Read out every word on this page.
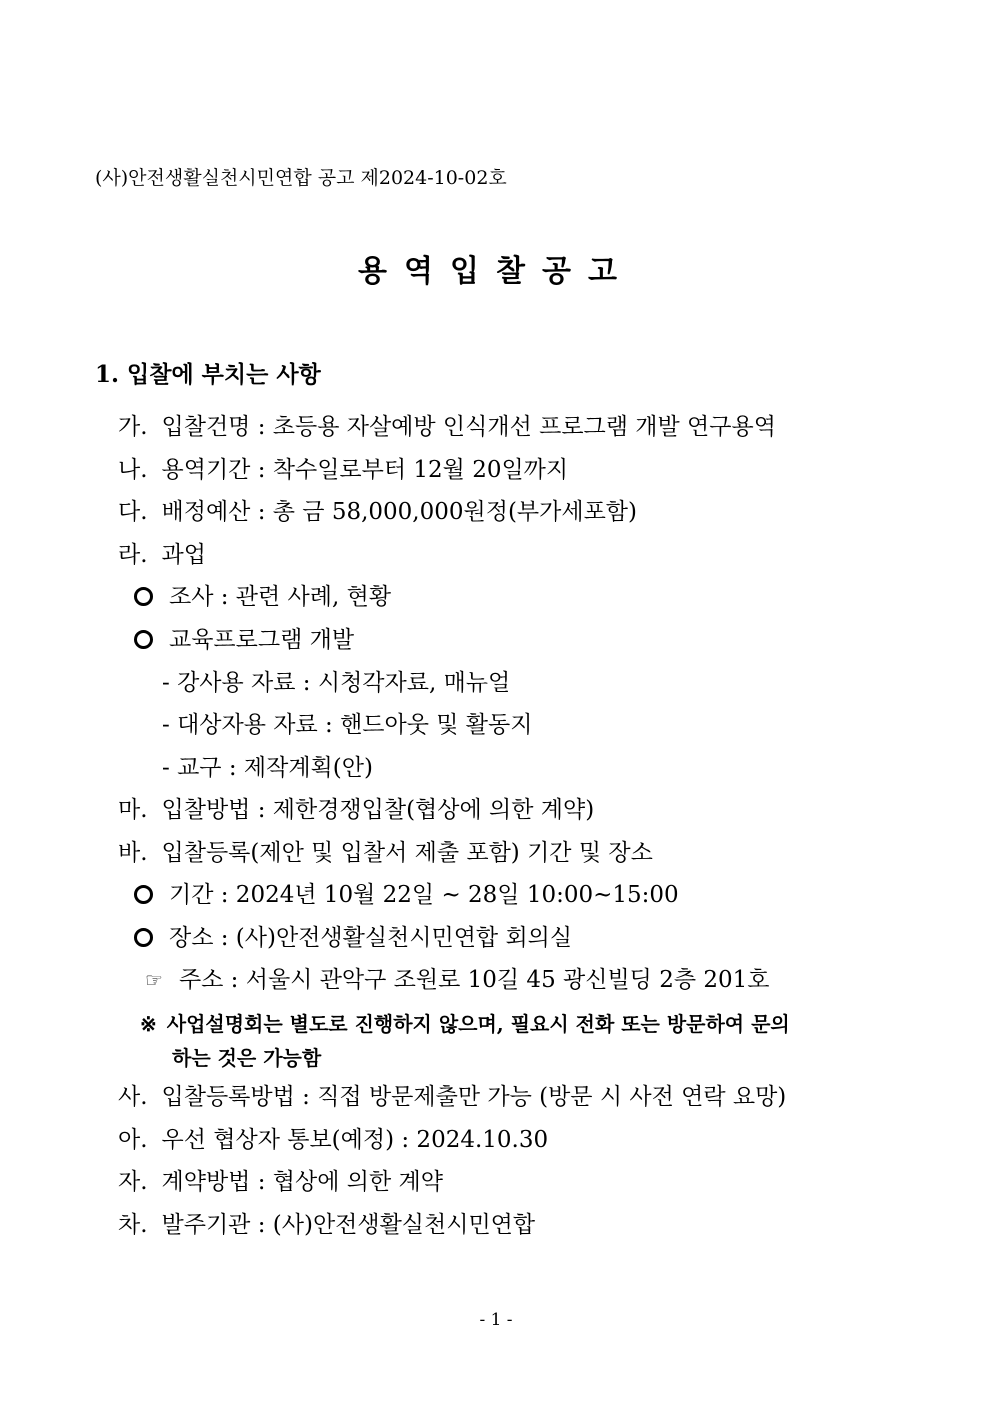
(사)안전생활실천시민연합 공고 제2024-10-02호
용역입찰공고
1. 입찰에 부치는 사항
가. 입찰건명 : 초등용 자살예방 인식개선 프로그램 개발 연구용역
나. 용역기간 : 착수일로부터 12월 20일까지
다. 배정예산 : 총 금 58,000,000원정(부가세포함)
라. 과업
조사 : 관련 사례, 현황
교육프로그램 개발
- 강사용 자료 : 시청각자료, 매뉴얼
- 대상자용 자료 : 핸드아웃 및 활동지
- 교구 : 제작계획(안)
마. 입찰방법 : 제한경쟁입찰(협상에 의한 계약)
바. 입찰등록(제안 및 입찰서 제출 포함) 기간 및 장소
기간 : 2024년 10월 22일 ~ 28일 10:00~15:00
장소 : (사)안전생활실천시민연합 회의실
☞ 주소 : 서울시 관악구 조원로 10길 45 광신빌딩 2층 201호
※ 사업설명회는 별도로 진행하지 않으며, 필요시 전화 또는 방문하여 문의
하는 것은 가능함
사. 입찰등록방법 : 직접 방문제출만 가능 (방문 시 사전 연락 요망)
아. 우선 협상자 통보(예정) : 2024.10.30
자. 계약방법 : 협상에 의한 계약
차. 발주기관 : (사)안전생활실천시민연합
- 1 -
